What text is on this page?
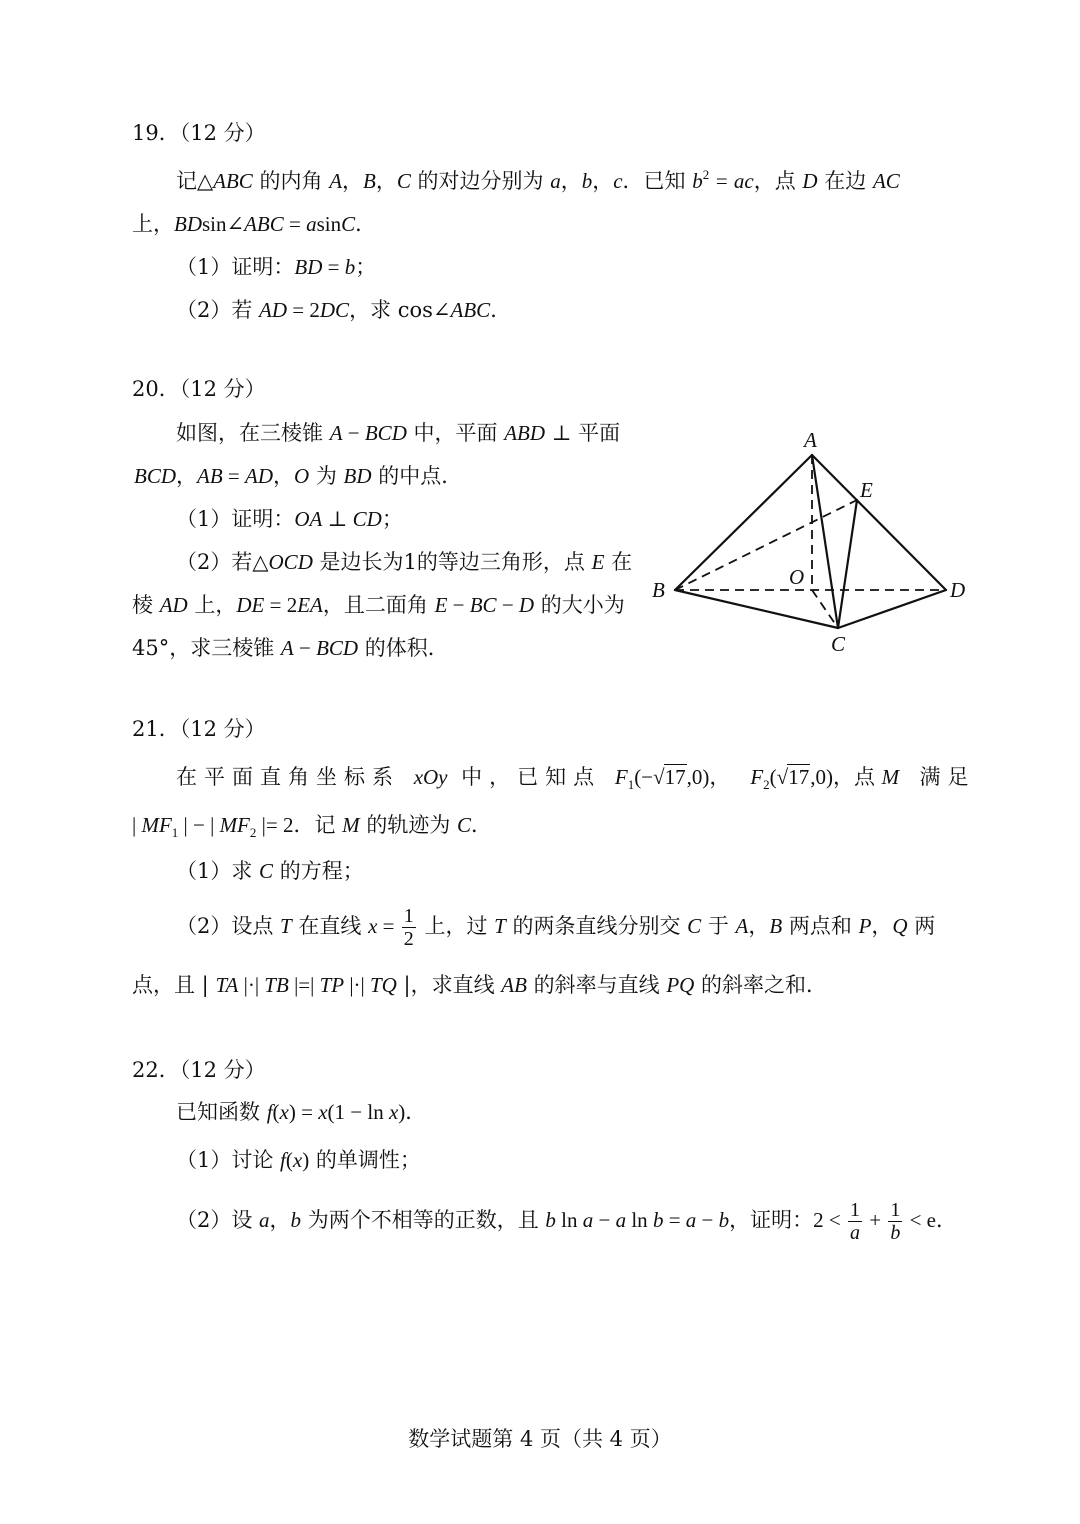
19．（12 分）
记△ABC 的内角 A，B，C 的对边分别为 a，b，c．已知 $b^2$ = ac，点 D 在边 AC
上，BDsin∠ABC = asinC．
（1）证明：BD = b；
（2）若 AD = 2DC，求 cos∠ABC．
20．（12 分）
如图，在三棱锥 A − BCD 中，平面 ABD ⊥ 平面
BCD，AB = AD，O 为 BD 的中点．
（1）证明：OA ⊥ CD；
（2）若△OCD 是边长为1的等边三角形，点 E 在
棱 AD 上，DE = 2EA，且二面角 E − BC − D 的大小为
45°，求三棱锥 A − BCD 的体积．
A
E
B
O
D
C
21．（12 分）
在平面直角坐标系 xOy 中，已知点 $F_1(-√17,0)$， $F_2(√17,0)$，点 M  满足
| $MF_1$ | − | $MF_2$ |= 2．记 M 的轨迹为 C．
（1）求 C 的方程；
（2）设点 T 在直线 $x = \frac{1}{2}$ 上，过 T 的两条直线分别交 C 于 A，B 两点和 P，Q 两
点，且 | TA |·| TB |=| TP |·| TQ |，求直线 AB 的斜率与直线 PQ 的斜率之和．
22．（12 分）
已知函数 f(x) = x(1 − ln x)．
（1）讨论 f(x) 的单调性；
（2）设 a，b 为两个不相等的正数，且 b ln a − a ln b = a − b，证明：$2 < \frac{1}{a} + \frac{1}{b} < e$．
数学试题第 4 页（共 4 页）
